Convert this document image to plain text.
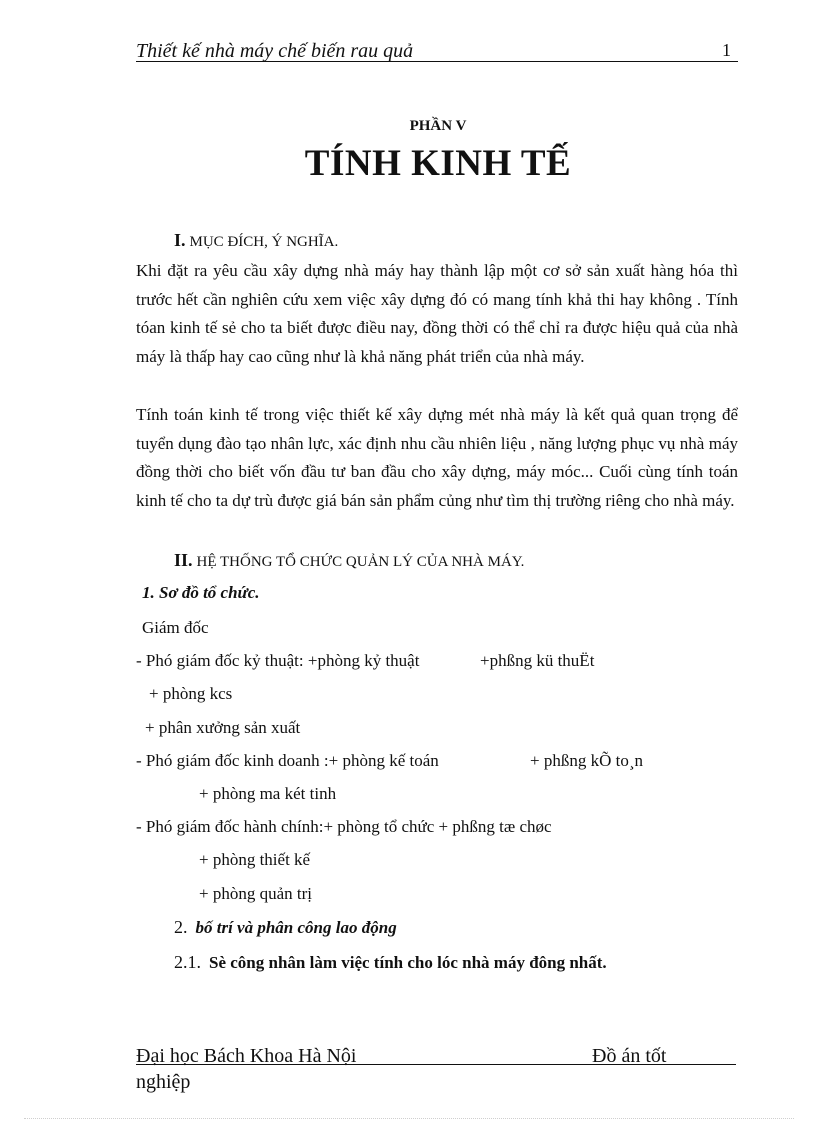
Thiết kế nhà máy chế biến rau quả	1
PHẦN V
TÍNH KINH TẾ
I. MỤC ĐÍCH, Ý NGHĨA.
Khi đặt ra yêu cầu xây dựng nhà máy hay thành lập một cơ sở sản xuất hàng hóa thì trước hết cần nghiên cứu xem việc xây dựng đó có mang tính khả thi hay không . Tính tóan kinh tế sẻ cho ta biết được điều nay, đồng thời có thể chỉ ra được hiệu quả của nhà máy là thấp hay cao cũng như là khả năng phát triển của nhà máy.
Tính toán kinh tế trong việc thiết kế xây dựng mét nhà máy là kết quả quan trọng để tuyển dụng đào tạo nhân lực, xác định nhu cầu nhiên liệu , năng lượng phục vụ nhà máy đồng thời cho biết vốn đầu tư ban đầu cho xây dựng, máy móc... Cuối cùng tính toán kinh tế cho ta dự trù được giá bán sản phẩm củng như tìm thị trường riêng cho nhà máy.
II. HỆ THỐNG TỔ CHỨC QUẢN LÝ CỦA NHÀ MÁY.
1. Sơ đồ tổ chức.
Giám đốc
- Phó giám đốc kỷ thuật: +phòng kỷ thuật	+phßng kü thuËt
+ phòng kcs
+ phân xưởng sản xuất
- Phó giám đốc kinh doanh :+ phòng kế toán	+ phßng kÕ to¸n
+ phòng ma két tinh
- Phó giám đốc hành chính:+ phòng tổ chức + phßng tæ chøc
+ phòng thiết kế
+ phòng quản trị
2. bố trí và phân công lao động
2.1. Sè công nhân làm việc tính cho lóc nhà máy đông nhất.
Đại học Bách Khoa Hà Nội	Đồ án tốt
nghiệp
